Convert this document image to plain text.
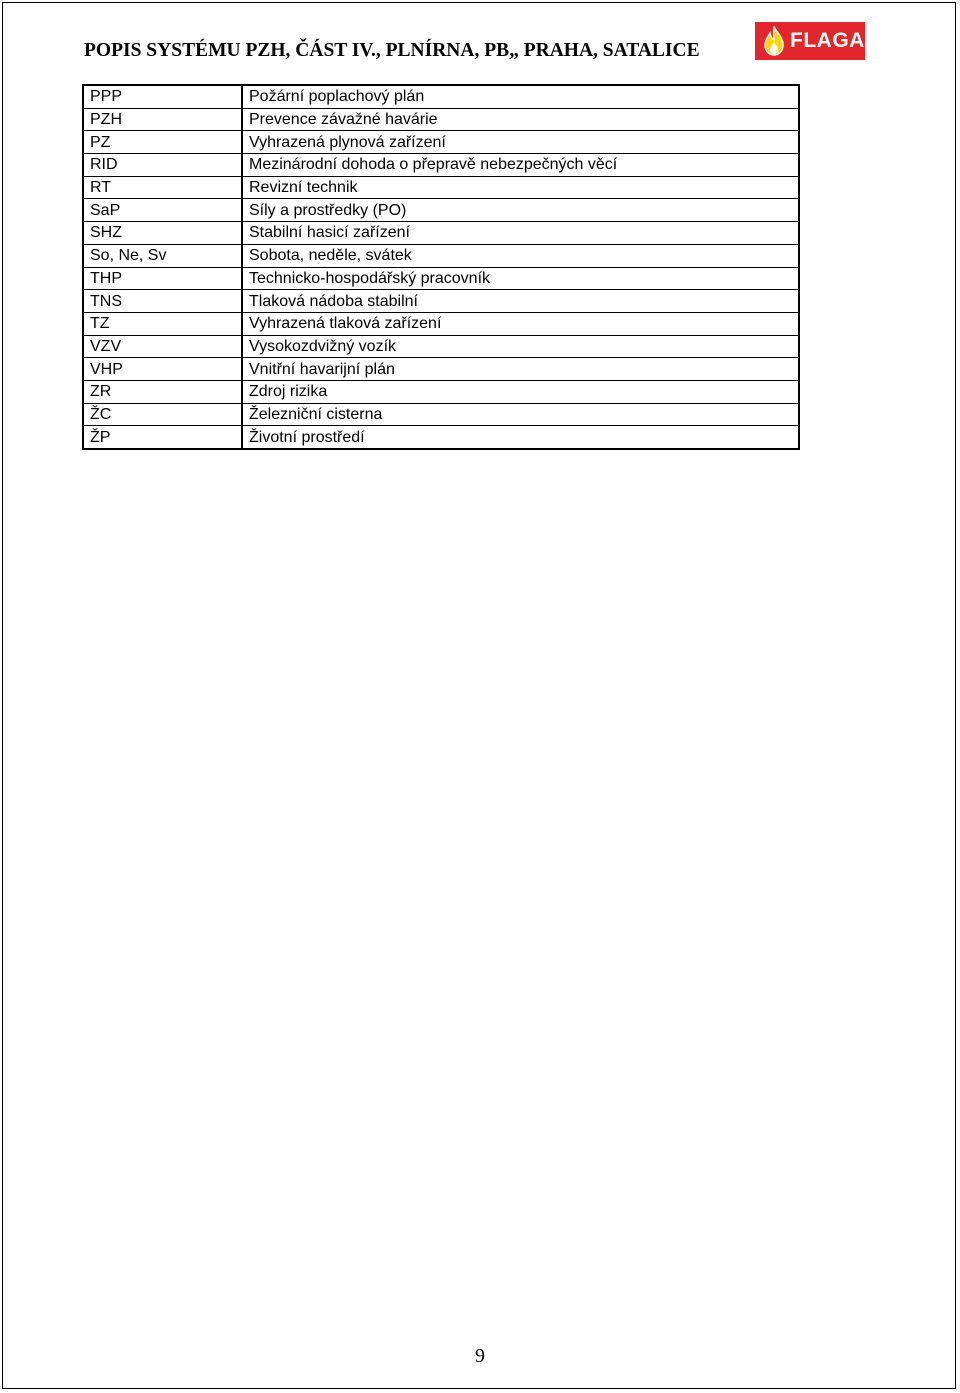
POPIS SYSTÉMU PZH, ČÁST IV., PLNÍRNA, PB„ PRAHA, SATALICE	FLAGA
PPP	Požární poplachový plán
PZH	Prevence závažné havárie
PZ	Vyhrazená plynová zařízení
RID	Mezinárodní dohoda o přepravě nebezpečných věcí
RT	Revizní technik
SaP	Síly a prostředky (PO)
SHZ	Stabilní hasicí zařízení
So, Ne, Sv	Sobota, neděle, svátek
THP	Technicko-hospodářský pracovník
TNS	Tlaková nádoba stabilní
TZ	Vyhrazená tlaková zařízení
VZV	Vysokozdvižný vozík
VHP	Vnitřní havarijní plán
ZR	Zdroj rizika
ŽC	Železniční cisterna
ŽP	Životní prostředí
9
